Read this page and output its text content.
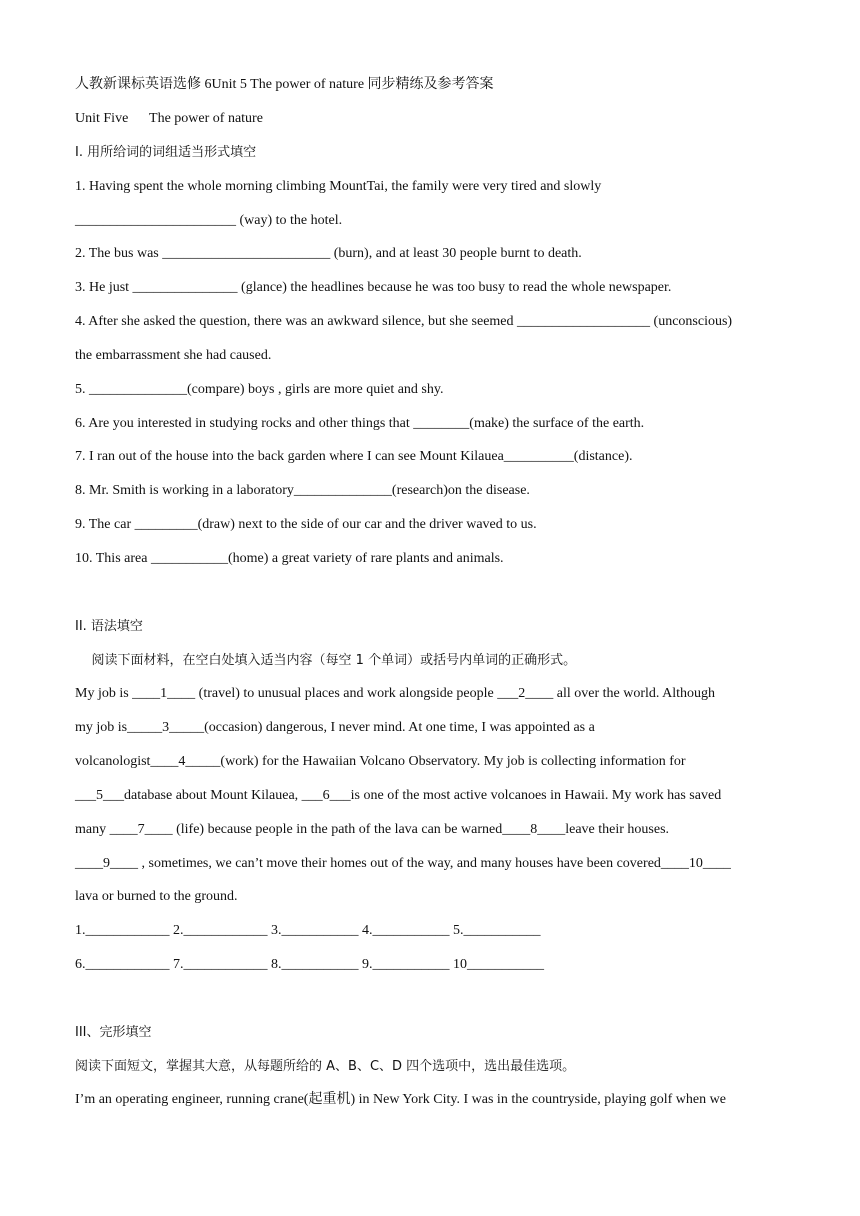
人教新课标英语选修 6Unit 5 The power of nature 同步精练及参考答案
Unit Five      The power of nature
I. 用所给词的词组适当形式填空
1. Having spent the whole morning climbing MountTai, the family were very tired and slowly
_______________________ (way) to the hotel.
2. The bus was ________________________ (burn), and at least 30 people burnt to death.
3. He just _______________ (glance) the headlines because he was too busy to read the whole newspaper.
4. After she asked the question, there was an awkward silence, but she seemed ___________________ (unconscious)
the embarrassment she had caused.
5. ______________(compare) boys , girls are more quiet and shy.
6. Are you interested in studying rocks and other things that ________(make) the surface of the earth.
7. I ran out of the house into the back garden where I can see Mount Kilauea__________(distance).
8. Mr. Smith is working in a laboratory______________(research)on the disease.
9. The car _________(draw) next to the side of our car and the driver waved to us.
10. This area ___________(home) a great variety of rare plants and animals.
II. 语法填空
阅读下面材料，在空白处填入适当内容（每空 1 个单词）或括号内单词的正确形式。
My job is ____1____ (travel) to unusual places and work alongside people ___2____ all over the world. Although
my job is_____3_____(occasion) dangerous, I never mind. At one time, I was appointed as a
volcanologist____4_____(work) for the Hawaiian Volcano Observatory. My job is collecting information for
___5___database about Mount Kilauea, ___6___is one of the most active volcanoes in Hawaii. My work has saved
many ____7____ (life) because people in the path of the lava can be warned____8____leave their houses.
____9____ , sometimes, we can’t move their homes out of the way, and many houses have been covered____10____
lava or burned to the ground.
1.____________ 2.____________ 3.___________ 4.___________ 5.___________
6.____________ 7.____________ 8.___________ 9.___________ 10___________
III、完形填空
阅读下面短文，掌握其大意，从每题所给的 A、B、C、D 四个选项中，选出最佳选项。
I’m an operating engineer, running crane(起重机) in New York City. I was in the countryside, playing golf when we
